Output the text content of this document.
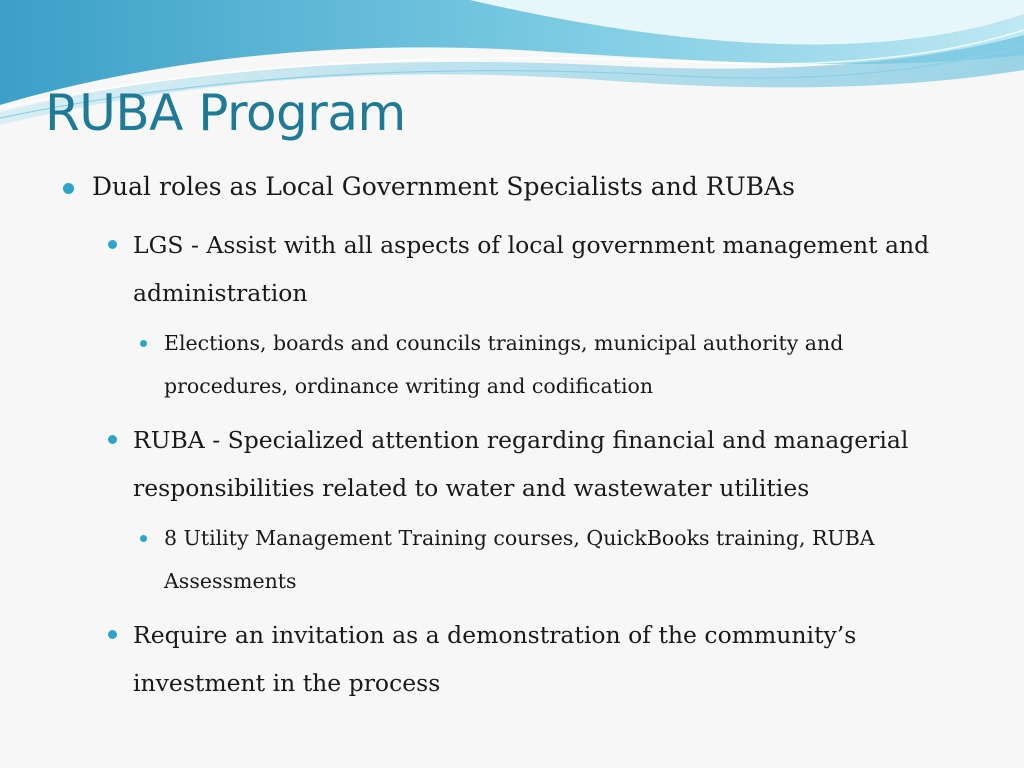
RUBA Program
Dual roles as Local Government Specialists and RUBAs
LGS - Assist with all aspects of local government management and
administration
Elections, boards and councils trainings, municipal authority and
procedures, ordinance writing and codification
RUBA - Specialized attention regarding financial and managerial
responsibilities related to water and wastewater utilities
8 Utility Management Training courses, QuickBooks training, RUBA
Assessments
Require an invitation as a demonstration of the community’s
investment in the process
